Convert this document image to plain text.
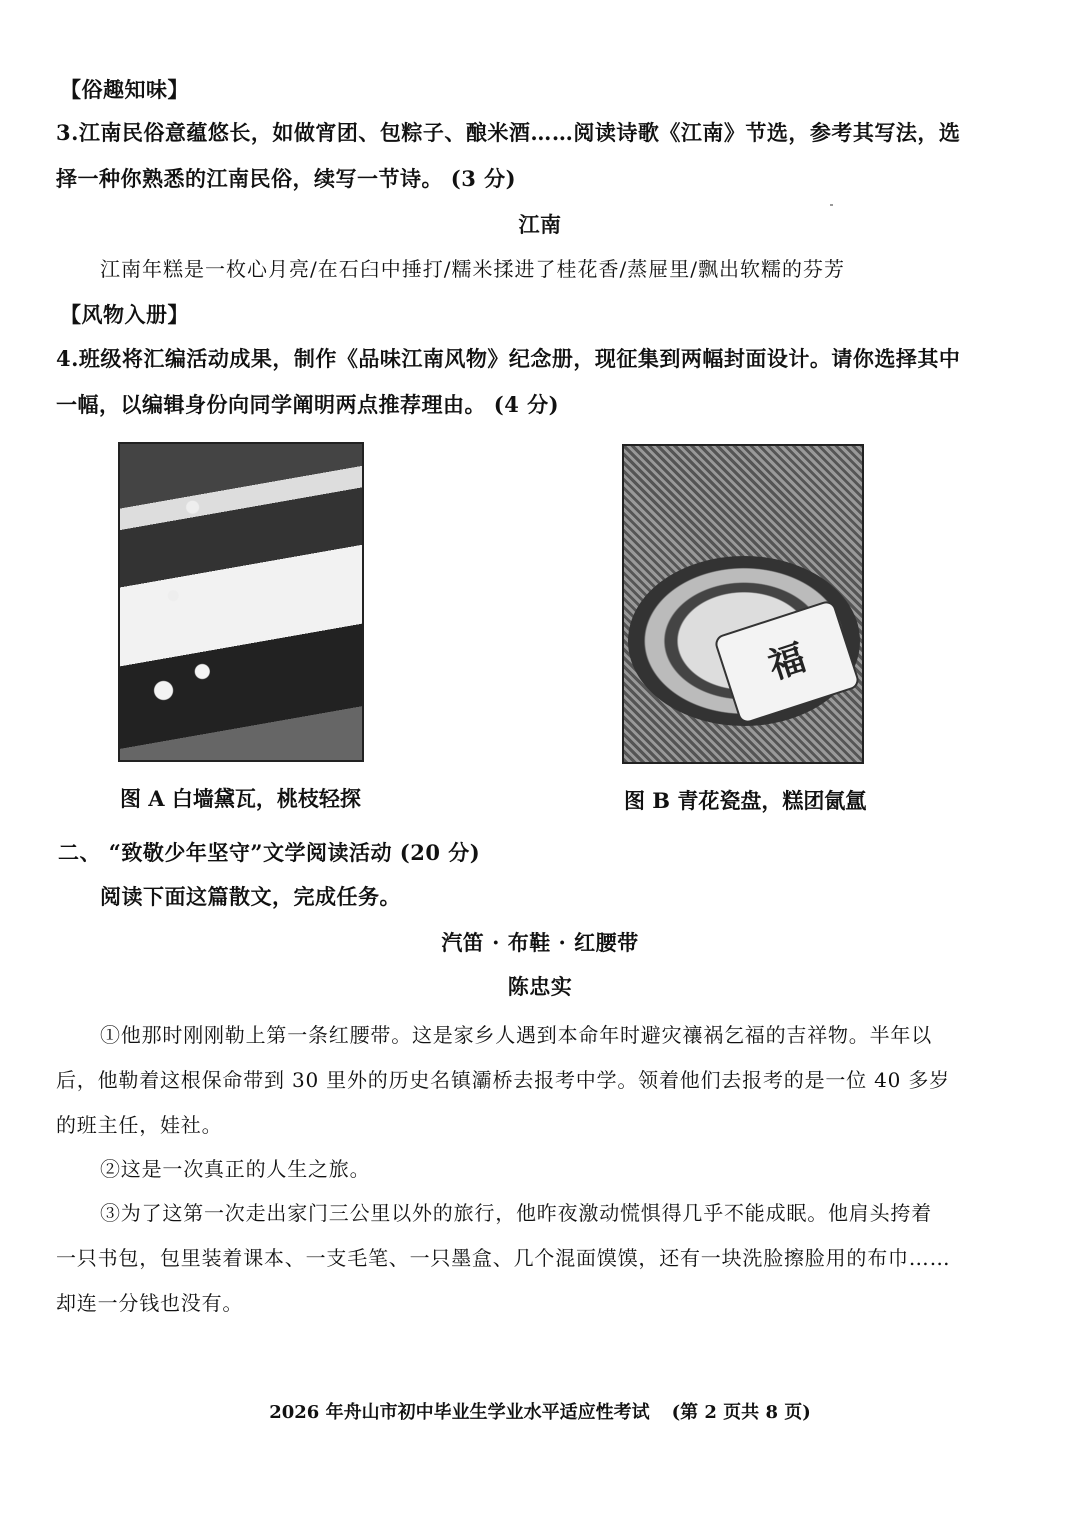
【俗趣知味】
3.江南民俗意蕴悠长，如做宵团、包粽子、酿米酒……阅读诗歌《江南》节选，参考其写法，选
择一种你熟悉的江南民俗，续写一节诗。 (3 分)
江南
江南年糕是一枚心月亮/在石臼中捶打/糯米揉进了桂花香/蒸屉里/飘出软糯的芬芳
【风物入册】
4.班级将汇编活动成果，制作《品味江南风物》纪念册，现征集到两幅封面设计。请你选择其中
一幅，以编辑身份向同学阐明两点推荐理由。 (4 分)
福
图 A 白墙黛瓦，桃枝轻探	图 B 青花瓷盘，糕团氤氲
二、 “致敬少年坚守”文学阅读活动 (20 分)
阅读下面这篇散文，完成任务。
汽笛 · 布鞋 · 红腰带
陈忠实
①他那时刚刚勒上第一条红腰带。这是家乡人遇到本命年时避灾禳祸乞福的吉祥物。半年以
后，他勒着这根保命带到 30 里外的历史名镇灞桥去报考中学。领着他们去报考的是一位 40 多岁
的班主任，娃社。
②这是一次真正的人生之旅。
③为了这第一次走出家门三公里以外的旅行，他昨夜激动慌惧得几乎不能成眠。他肩头挎着
一只书包，包里装着课本、一支毛笔、一只墨盒、几个混面馍馍，还有一块洗脸擦脸用的布巾……
却连一分钱也没有。
2026 年舟山市初中毕业生学业水平适应性考试 (第 2 页共 8 页)
